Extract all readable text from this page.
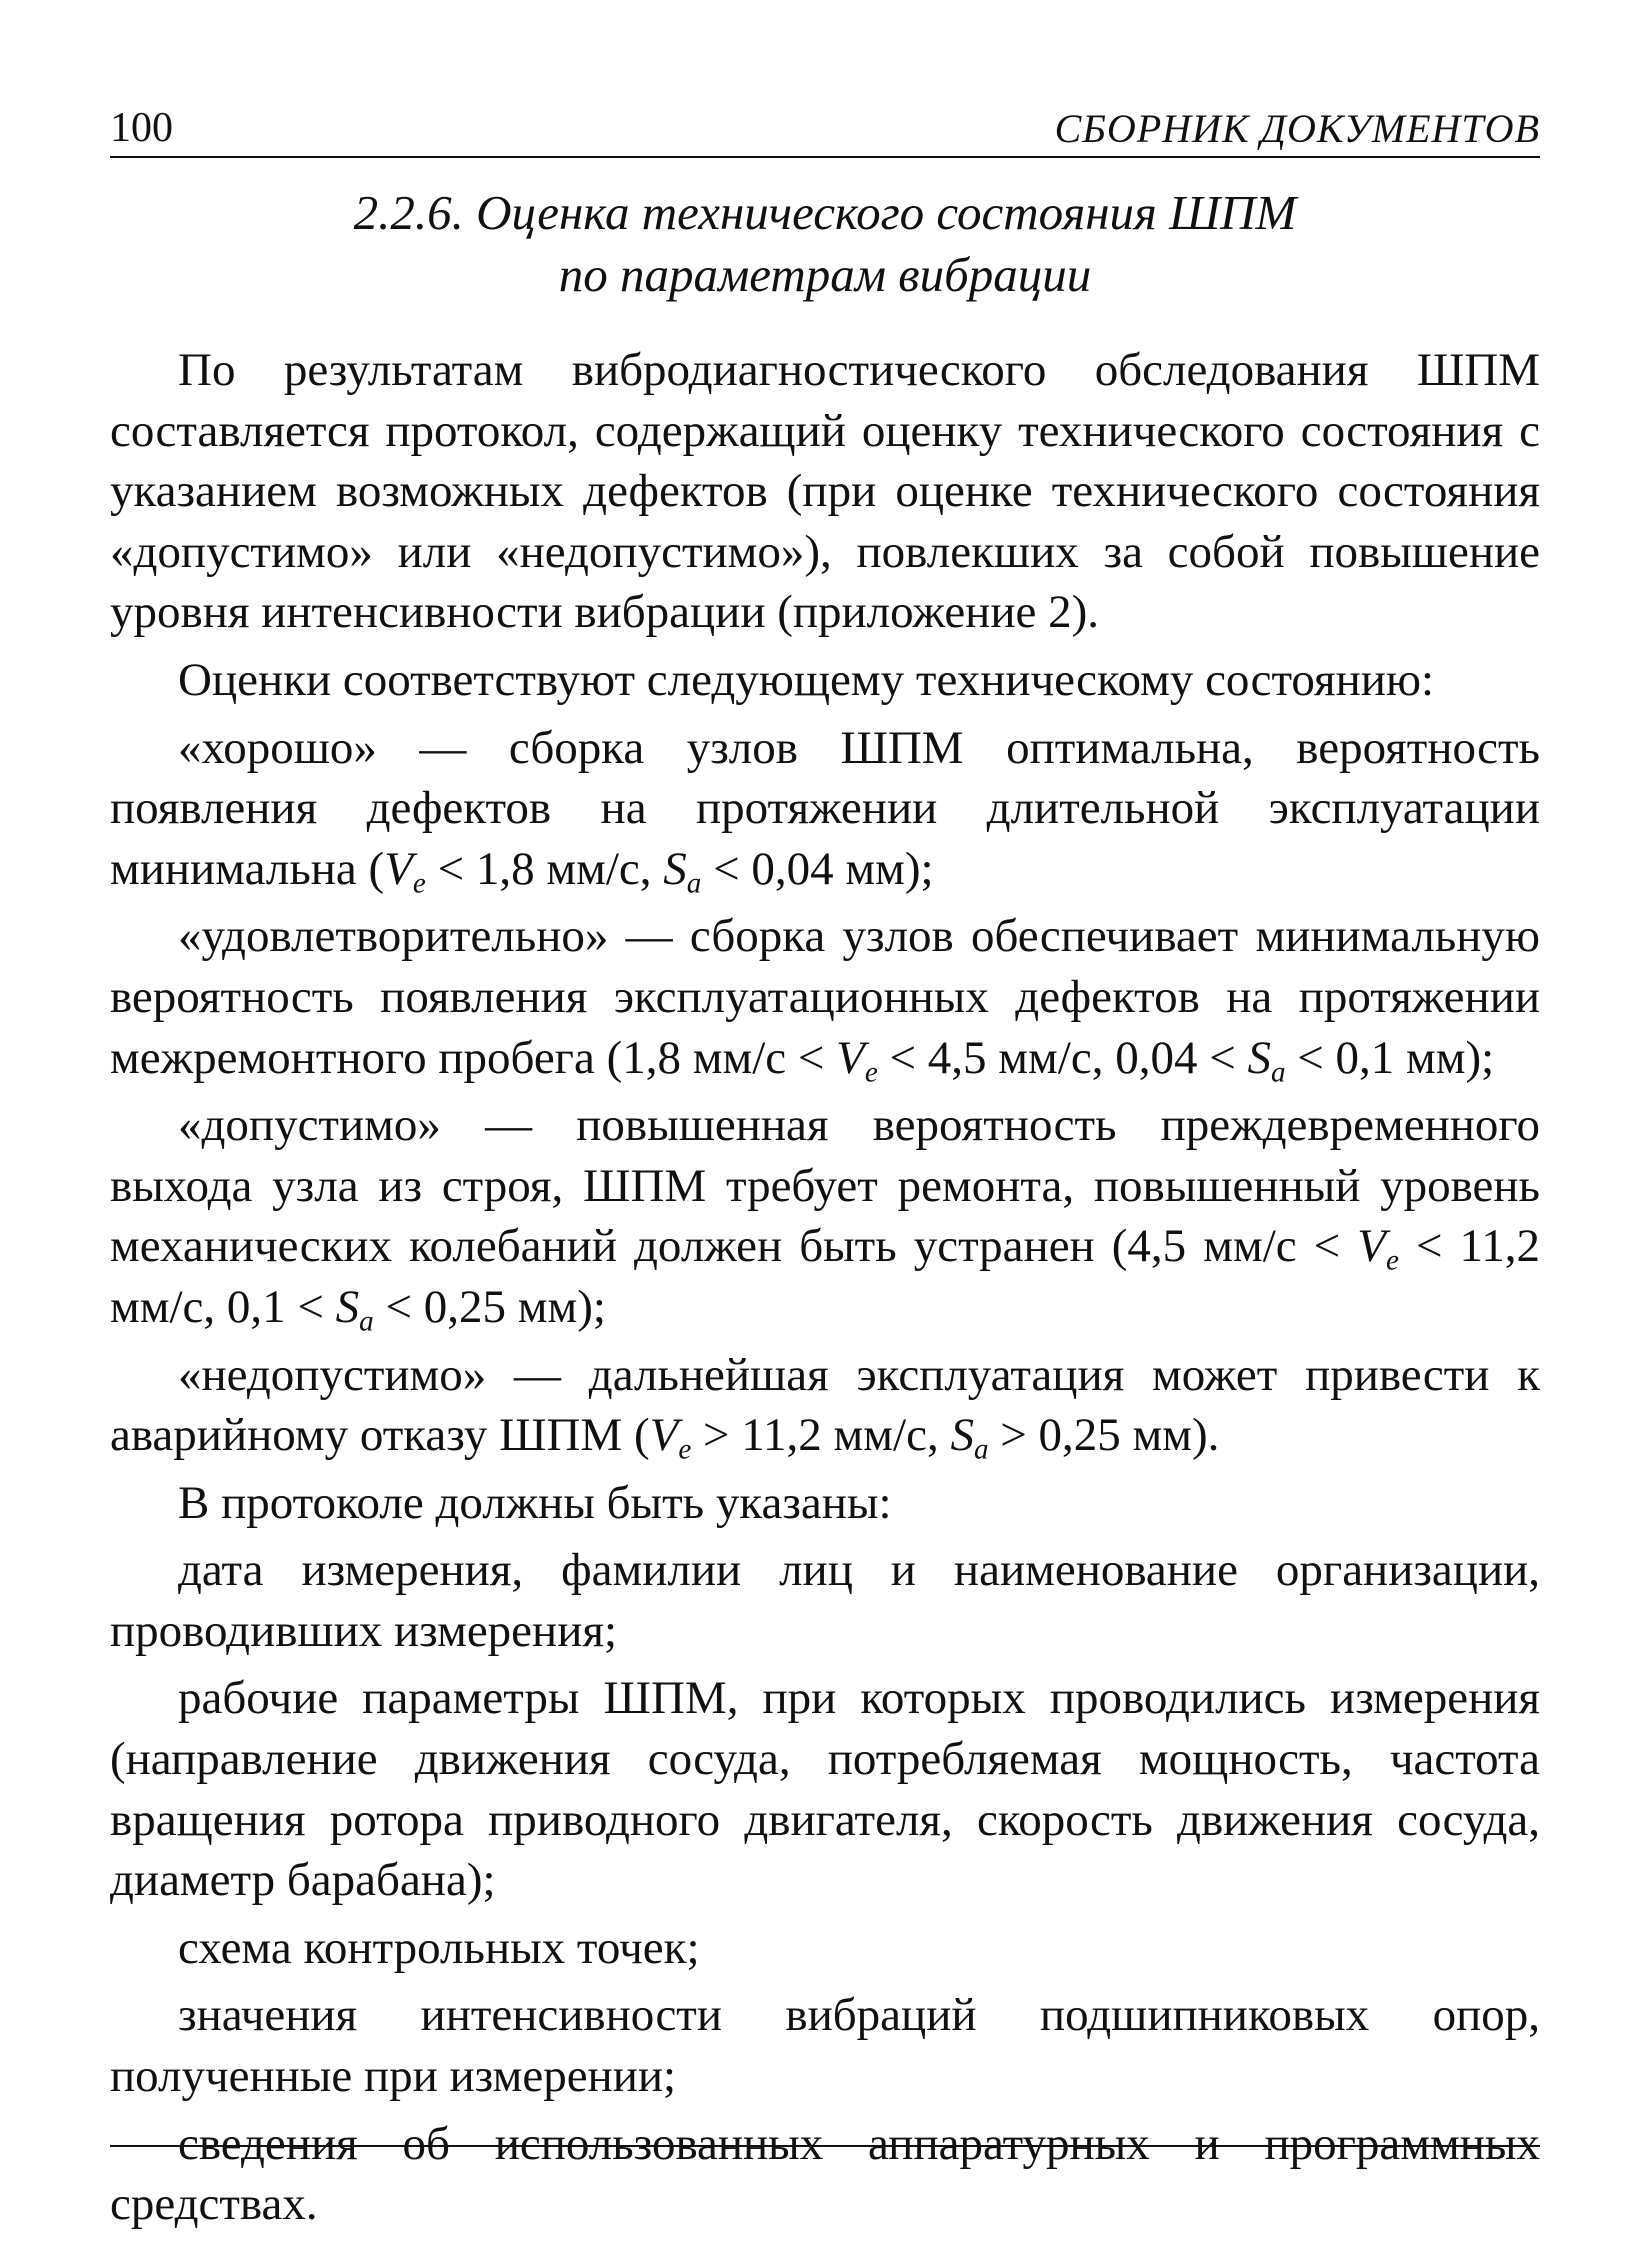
100	СБОРНИК ДОКУМЕНТОВ
2.2.6. Оценка технического состояния ШПМ
по параметрам вибрации

По результатам вибродиагностического обследования ШПМ составляется протокол, содержащий оценку технического состояния с указанием возможных дефектов (при оценке технического состояния «допустимо» или «недопустимо»), повлекших за собой повышение уровня интенсивности вибрации (приложение 2).

Оценки соответствуют следующему техническому состоянию:

«хорошо» — сборка узлов ШПМ оптимальна, вероятность появления дефектов на протяжении длительной эксплуатации минимальна ($V_e < 1,8$ мм/с, $S_a < 0,04$ мм);

«удовлетворительно» — сборка узлов обеспечивает минимальную вероятность появления эксплуатационных дефектов на протяжении межремонтного пробега (1,8 $мм/с < V_e < 4,5$ мм/с, $0,04 < S_a < 0,1$ мм);

«допустимо» — повышенная вероятность преждевременного выхода узла из строя, ШПМ требует ремонта, повышенный уровень механических колебаний должен быть устранен (4,5 $мм/с < V_e < 11,2$ мм/с, $0,1 < S_a < 0,25$ мм);

«недопустимо» — дальнейшая эксплуатация может привести к аварийному отказу ШПМ ($V_e > 11,2$ мм/с, $S_a > 0,25$ мм).

В протоколе должны быть указаны:

дата измерения, фамилии лиц и наименование организации, проводивших измерения;

рабочие параметры ШПМ, при которых проводились измерения (направление движения сосуда, потребляемая мощность, частота вращения ротора приводного двигателя, скорость движения сосуда, диаметр барабана);

схема контрольных точек;

значения интенсивности вибраций подшипниковых опор, полученные при измерении;

сведения об использованных аппаратурных и программных средствах.
